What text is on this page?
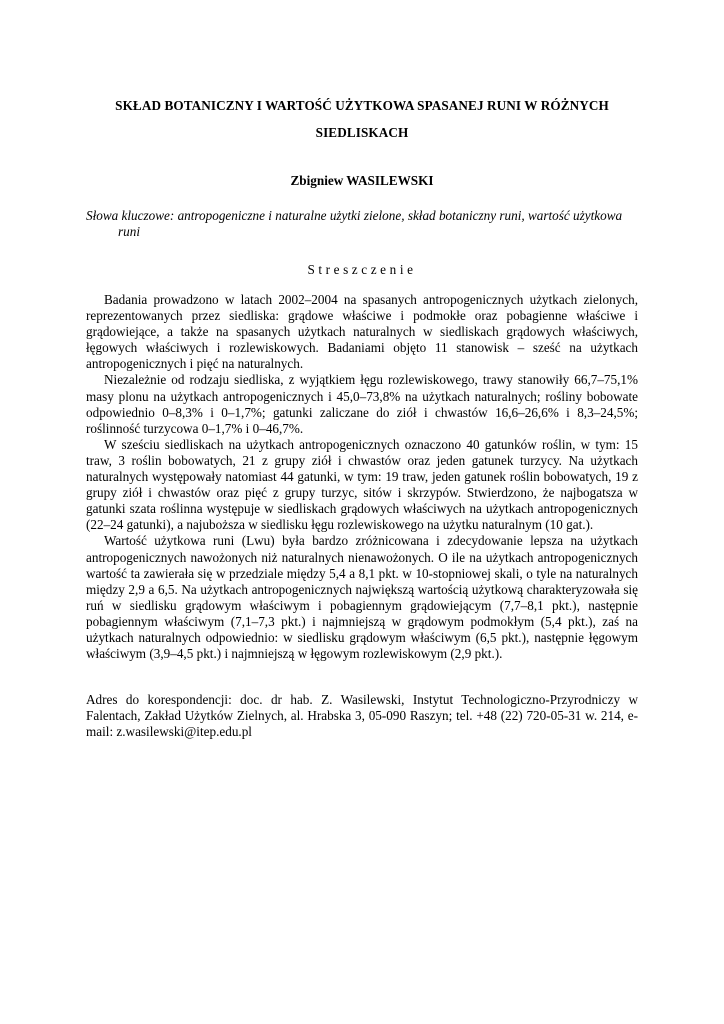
SKŁAD BOTANICZNY I WARTOŚĆ UŻYTKOWA SPASANEJ RUNI W RÓŻNYCH SIEDLISKACH
Zbigniew WASILEWSKI
Słowa kluczowe: antropogeniczne i naturalne użytki zielone, skład botaniczny runi, wartość użytkowa runi
Streszczenie

Badania prowadzono w latach 2002–2004 na spasanych antropogenicznych użytkach zielonych, reprezentowanych przez siedliska: grądowe właściwe i podmokłe oraz pobagienne właściwe i grądowiejące, a także na spasanych użytkach naturalnych w siedliskach grądowych właściwych, łęgowych właściwych i rozlewiskowych. Badaniami objęto 11 stanowisk – sześć na użytkach antropogenicznych i pięć na naturalnych.

Niezależnie od rodzaju siedliska, z wyjątkiem łęgu rozlewiskowego, trawy stanowiły 66,7–75,1% masy plonu na użytkach antropogenicznych i 45,0–73,8% na użytkach naturalnych; rośliny bobowate odpowiednio 0–8,3% i 0–1,7%; gatunki zaliczane do ziół i chwastów 16,6–26,6% i 8,3–24,5%; roślinność turzycowa 0–1,7% i 0–46,7%.

W sześciu siedliskach na użytkach antropogenicznych oznaczono 40 gatunków roślin, w tym: 15 traw, 3 roślin bobowatych, 21 z grupy ziół i chwastów oraz jeden gatunek turzycy. Na użytkach naturalnych występowały natomiast 44 gatunki, w tym: 19 traw, jeden gatunek roślin bobowatych, 19 z grupy ziół i chwastów oraz pięć z grupy turzyc, sitów i skrzypów. Stwierdzono, że najbogatsza w gatunki szata roślinna występuje w siedliskach grądowych właściwych na użytkach antropogenicznych (22–24 gatunki), a najuboższa w siedlisku łęgu rozlewiskowego na użytku naturalnym (10 gat.).

Wartość użytkowa runi (Lwu) była bardzo zróżnicowana i zdecydowanie lepsza na użytkach antropogenicznych nawożonych niż naturalnych nienawożonych. O ile na użytkach antropogenicznych wartość ta zawierała się w przedziale między 5,4 a 8,1 pkt. w 10-stopniowej skali, o tyle na naturalnych między 2,9 a 6,5. Na użytkach antropogenicznych największą wartością użytkową charakteryzowała się ruń w siedlisku grądowym właściwym i pobagiennym grądowiejącym (7,7–8,1 pkt.), następnie pobagiennym właściwym (7,1–7,3 pkt.) i najmniejszą w grądowym podmokłym (5,4 pkt.), zaś na użytkach naturalnych odpowiednio: w siedlisku grądowym właściwym (6,5 pkt.), następnie łęgowym właściwym (3,9–4,5 pkt.) i najmniejszą w łęgowym rozlewiskowym (2,9 pkt.).

Adres do korespondencji: doc. dr hab. Z. Wasilewski, Instytut Technologiczno-Przyrodniczy w Falentach, Zakład Użytków Zielnych, al. Hrabska 3, 05-090 Raszyn; tel. +48 (22) 720-05-31 w. 214, e-mail: z.wasilewski@itep.edu.pl
